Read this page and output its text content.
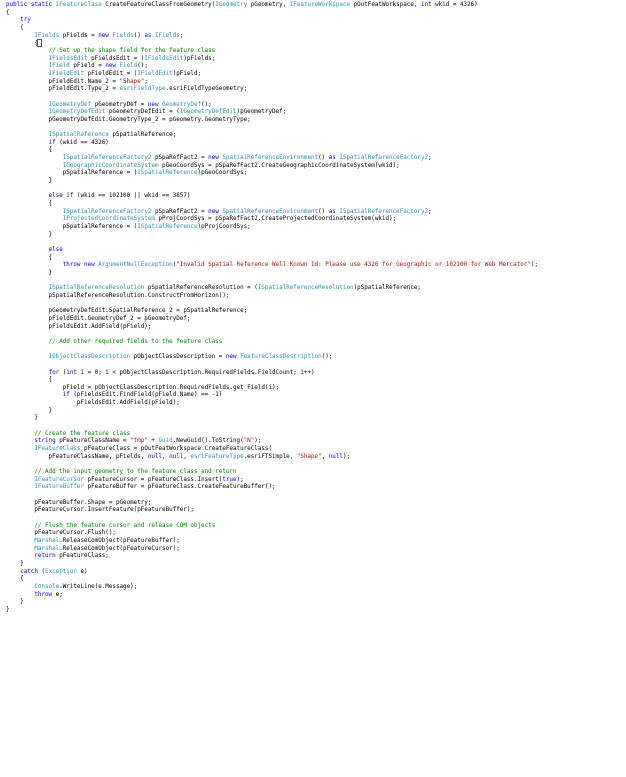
public static IFeatureClass CreateFeatureClassFromGeometry(IGeometry pGeometry, IFeatureWorkspace pOutFeatWorkspace, int wkid = 4326)
{
try
{
IFields pFields = new Fields() as IFields;
{
// Set up the shape field for the feature class
IFieldsEdit pFieldsEdit = (IFieldsEdit)pFields;
IField pField = new Field();
IFieldEdit pFieldEdit = (IFieldEdit)pField;
pFieldEdit.Name_2 = "Shape";
pFieldEdit.Type_2 = esriFieldType.esriFieldTypeGeometry;
IGeometryDef pGeometryDef = new GeometryDef();
IGeometryDefEdit pGeometryDefEdit = (IGeometryDefEdit)pGeometryDef;
pGeometryDefEdit.GeometryType_2 = pGeometry.GeometryType;
ISpatialReference pSpatialReference;
if (wkid == 4326)
{
ISpatialReferenceFactory2 pSpaRefFact2 = new SpatialReferenceEnvironment() as ISpatialReferenceFactory2;
IGeographicCoordinateSystem pGeoCoordSys = pSpaRefFact2.CreateGeographicCoordinateSystem(wkid);
pSpatialReference = (ISpatialReference)pGeoCoordSys;
}
else if (wkid == 102100 || wkid == 3857)
{
ISpatialReferenceFactory2 pSpaRefFact2 = new SpatialReferenceEnvironment() as ISpatialReferenceFactory2;
IProjectedCoordinateSystem pProjCoordSys = pSpaRefFact2.CreateProjectedCoordinateSystem(wkid);
pSpatialReference = (ISpatialReference)pProjCoordSys;
}
else
{
throw new ArgumentNullException("Invalid Spatial Reference Well Known Id: Please use 4326 for Geographic or 102100 for Web Mercator");
}
ISpatialReferenceResolution pSpatialReferenceResolution = (ISpatialReferenceResolution)pSpatialReference;
pSpatialReferenceResolution.ConstructFromHorizon();
pGeometryDefEdit.SpatialReference_2 = pSpatialReference;
pFieldEdit.GeometryDef_2 = pGeometryDef;
pFieldsEdit.AddField(pField);
// Add other required fields to the feature class
IObjectClassDescription pObjectClassDescription = new FeatureClassDescription();
for (int i = 0; i < pObjectClassDescription.RequiredFields.FieldCount; i++)
{
pField = pObjectClassDescription.RequiredFields.get_Field(i);
if (pFieldsEdit.FindField(pField.Name) == -1)
pFieldsEdit.AddField(pField);
}
}
// Create the feature class
string pFeatureClassName = "tmp" + Guid.NewGuid().ToString("N");
IFeatureClass pFeatureClass = pOutFeatWorkspace.CreateFeatureClass(
pFeatureClassName, pFields, null, null, esriFeatureType.esriFTSimple, "Shape", null);
// Add the input geometry to the feature class and return
IFeatureCursor pFeatureCursor = pFeatureClass.Insert(true);
IFeatureBuffer pFeatureBuffer = pFeatureClass.CreateFeatureBuffer();
pFeatureBuffer.Shape = pGeometry;
pFeatureCursor.InsertFeature(pFeatureBuffer);
// Flush the feature cursor and release COM objects
pFeatureCursor.Flush();
Marshal.ReleaseComObject(pFeatureBuffer);
Marshal.ReleaseComObject(pFeatureCursor);
return pFeatureClass;
}
catch (Exception e)
{
Console.WriteLine(e.Message);
throw e;
}
}
